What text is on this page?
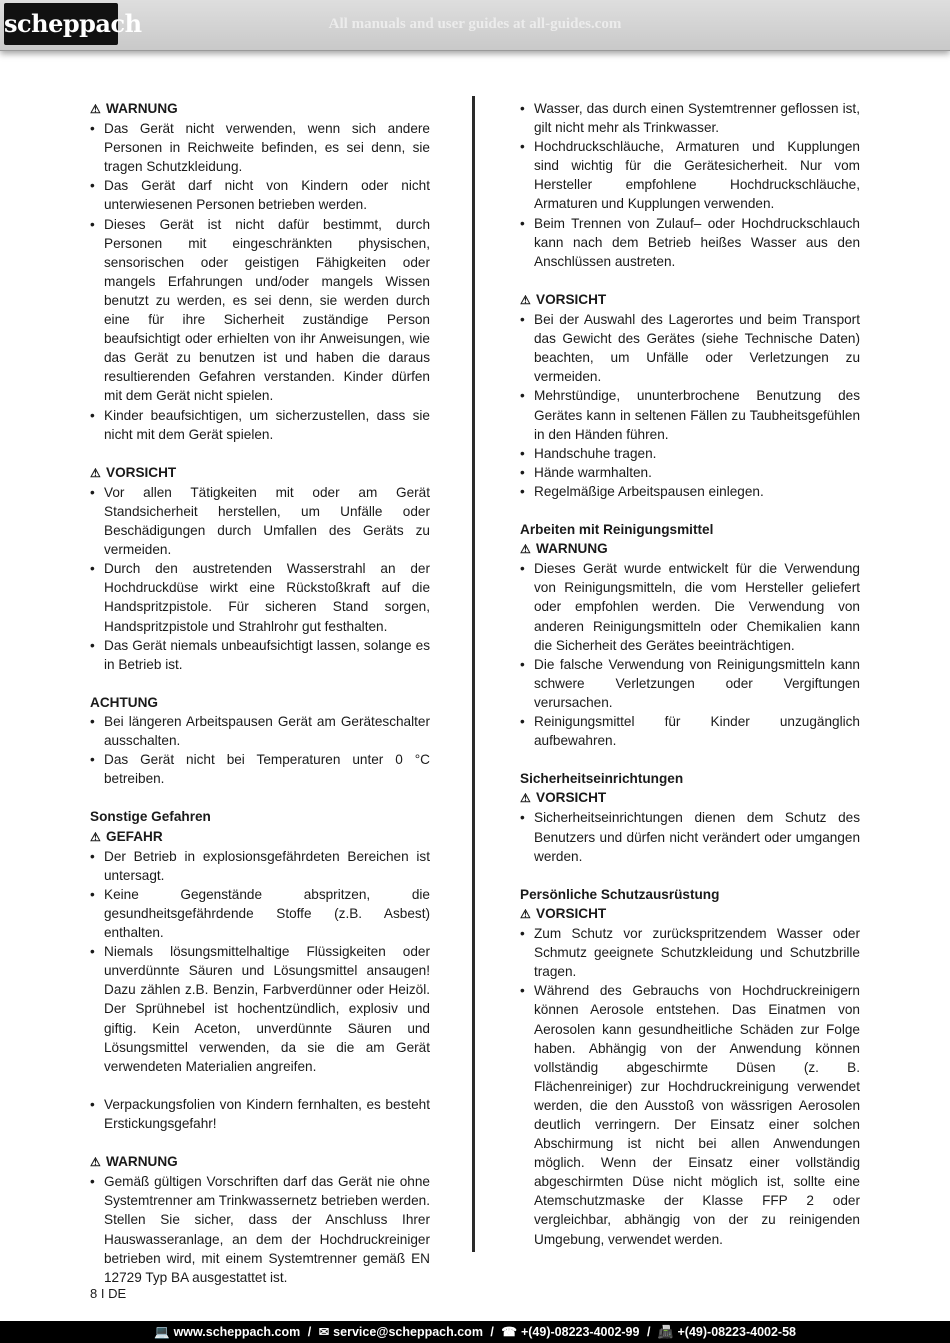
scheppach	All manuals and user guides at all-guides.com
⚠ WARNUNG
• Das Gerät nicht verwenden, wenn sich andere Personen in Reichweite befinden, es sei denn, sie tragen Schutzkleidung.
• Das Gerät darf nicht von Kindern oder nicht unterwiesenen Personen betrieben werden.
• Dieses Gerät ist nicht dafür bestimmt, durch Personen mit eingeschränkten physischen, sensorischen oder geistigen Fähigkeiten oder mangels Erfahrungen und/oder mangels Wissen benutzt zu werden, es sei denn, sie werden durch eine für ihre Sicherheit zuständige Person beaufsichtigt oder erhielten von ihr Anweisungen, wie das Gerät zu benutzen ist und haben die daraus resultierenden Gefahren verstanden. Kinder dürfen mit dem Gerät nicht spielen.
• Kinder beaufsichtigen, um sicherzustellen, dass sie nicht mit dem Gerät spielen.
⚠ VORSICHT
• Vor allen Tätigkeiten mit oder am Gerät Standsicherheit herstellen, um Unfälle oder Beschädigungen durch Umfallen des Geräts zu vermeiden.
• Durch den austretenden Wasserstrahl an der Hochdruckdüse wirkt eine Rückstoßkraft auf die Handspritzpistole. Für sicheren Stand sorgen, Handspritzpistole und Strahlrohr gut festhalten.
• Das Gerät niemals unbeaufsichtigt lassen, solange es in Betrieb ist.
ACHTUNG
• Bei längeren Arbeitspausen Gerät am Geräteschalter ausschalten.
• Das Gerät nicht bei Temperaturen unter 0 °C betreiben.
Sonstige Gefahren
⚠ GEFAHR
• Der Betrieb in explosionsgefährdeten Bereichen ist untersagt.
• Keine Gegenstände abspritzen, die gesundheitsgefährdende Stoffe (z.B. Asbest) enthalten.
• Niemals lösungsmittelhaltige Flüssigkeiten oder unverdünnte Säuren und Lösungsmittel ansaugen! Dazu zählen z.B. Benzin, Farbverdünner oder Heizöl. Der Sprühnebel ist hochentzündlich, explosiv und giftig. Kein Aceton, unverdünnte Säuren und Lösungsmittel verwenden, da sie die am Gerät verwendeten Materialien angreifen.
• Verpackungsfolien von Kindern fernhalten, es besteht Erstickungsgefahr!
⚠ WARNUNG
• Gemäß gültigen Vorschriften darf das Gerät nie ohne Systemtrenner am Trinkwassernetz betrieben werden. Stellen Sie sicher, dass der Anschluss Ihrer Hauswasseranlage, an dem der Hochdruckreiniger betrieben wird, mit einem Systemtrenner gemäß EN 12729 Typ BA ausgestattet ist.
• Wasser, das durch einen Systemtrenner geflossen ist, gilt nicht mehr als Trinkwasser.
• Hochdruckschläuche, Armaturen und Kupplungen sind wichtig für die Gerätesicherheit. Nur vom Hersteller empfohlene Hochdruckschläuche, Armaturen und Kupplungen verwenden.
• Beim Trennen von Zulauf– oder Hochdruckschlauch kann nach dem Betrieb heißes Wasser aus den Anschlüssen austreten.
⚠ VORSICHT
• Bei der Auswahl des Lagerortes und beim Transport das Gewicht des Gerätes (siehe Technische Daten) beachten, um Unfälle oder Verletzungen zu vermeiden.
• Mehrstündige, ununterbrochene Benutzung des Gerätes kann in seltenen Fällen zu Taubheitsgefühlen in den Händen führen.
• Handschuhe tragen.
• Hände warmhalten.
• Regelmäßige Arbeitspausen einlegen.
Arbeiten mit Reinigungsmittel
⚠ WARNUNG
• Dieses Gerät wurde entwickelt für die Verwendung von Reinigungsmitteln, die vom Hersteller geliefert oder empfohlen werden. Die Verwendung von anderen Reinigungsmitteln oder Chemikalien kann die Sicherheit des Gerätes beeinträchtigen.
• Die falsche Verwendung von Reinigungsmitteln kann schwere Verletzungen oder Vergiftungen verursachen.
• Reinigungsmittel für Kinder unzugänglich aufbewahren.
Sicherheitseinrichtungen
⚠ VORSICHT
• Sicherheitseinrichtungen dienen dem Schutz des Benutzers und dürfen nicht verändert oder umgangen werden.
Persönliche Schutzausrüstung
⚠ VORSICHT
• Zum Schutz vor zurückspritzendem Wasser oder Schmutz geeignete Schutzkleidung und Schutzbrille tragen.
• Während des Gebrauchs von Hochdruckreinigern können Aerosole entstehen. Das Einatmen von Aerosolen kann gesundheitliche Schäden zur Folge haben. Abhängig von der Anwendung können vollständig abgeschirmte Düsen (z. B. Flächenreiniger) zur Hochdruckreinigung verwendet werden, die den Ausstoß von wässrigen Aerosolen deutlich verringern. Der Einsatz einer solchen Abschirmung ist nicht bei allen Anwendungen möglich. Wenn der Einsatz einer vollständig abgeschirmten Düse nicht möglich ist, sollte eine Atemschutzmaske der Klasse FFP 2 oder vergleichbar, abhängig von der zu reinigenden Umgebung, verwendet werden.
8 I DE
💻 www.scheppach.com / ✉ service@scheppach.com / ☎ +(49)-08223-4002-99 / 📠 +(49)-08223-4002-58
